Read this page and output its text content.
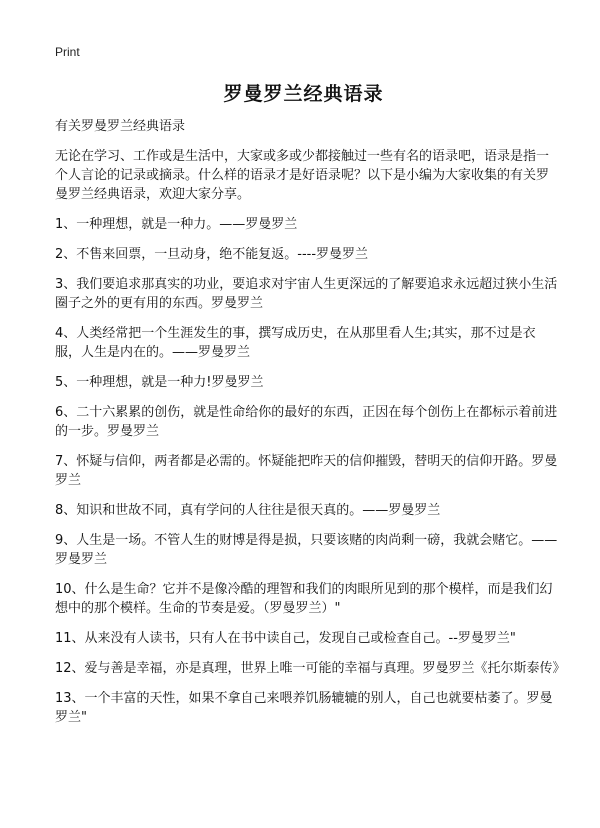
Print
罗曼罗兰经典语录

有关罗曼罗兰经典语录

无论在学习、工作或是生活中，大家或多或少都接触过一些有名的语录吧，语录是指一个人言论的记录或摘录。什么样的语录才是好语录呢？以下是小编为大家收集的有关罗曼罗兰经典语录，欢迎大家分享。

1、一种理想，就是一种力。——罗曼罗兰
2、不售来回票，一旦动身，绝不能复返。----罗曼罗兰
3、我们要追求那真实的功业，要追求对宇宙人生更深远的了解要追求永远超过狭小生活圈子之外的更有用的东西。罗曼罗兰
4、人类经常把一个生涯发生的事，撰写成历史，在从那里看人生;其实，那不过是衣服，人生是内在的。——罗曼罗兰
5、一种理想，就是一种力!罗曼罗兰
6、二十六累累的创伤，就是性命给你的最好的东西，正因在每个创伤上在都标示着前进的一步。罗曼罗兰
7、怀疑与信仰，两者都是必需的。怀疑能把昨天的信仰摧毁，替明天的信仰开路。罗曼罗兰
8、知识和世故不同，真有学问的人往往是很天真的。——罗曼罗兰
9、人生是一场。不管人生的财博是得是损，只要该赌的肉尚剩一磅，我就会赌它。——罗曼罗兰
10、什么是生命？它并不是像冷酷的理智和我们的肉眼所见到的那个模样，而是我们幻想中的那个模样。生命的节奏是爱。（罗曼罗兰）"
11、从来没有人读书，只有人在书中读自己，发现自己或检查自己。--罗曼罗兰"
12、爱与善是幸福，亦是真理，世界上唯一可能的幸福与真理。罗曼罗兰《托尔斯泰传》
13、一个丰富的天性，如果不拿自己来喂养饥肠辘辘的别人，自己也就要枯萎了。罗曼罗兰"
